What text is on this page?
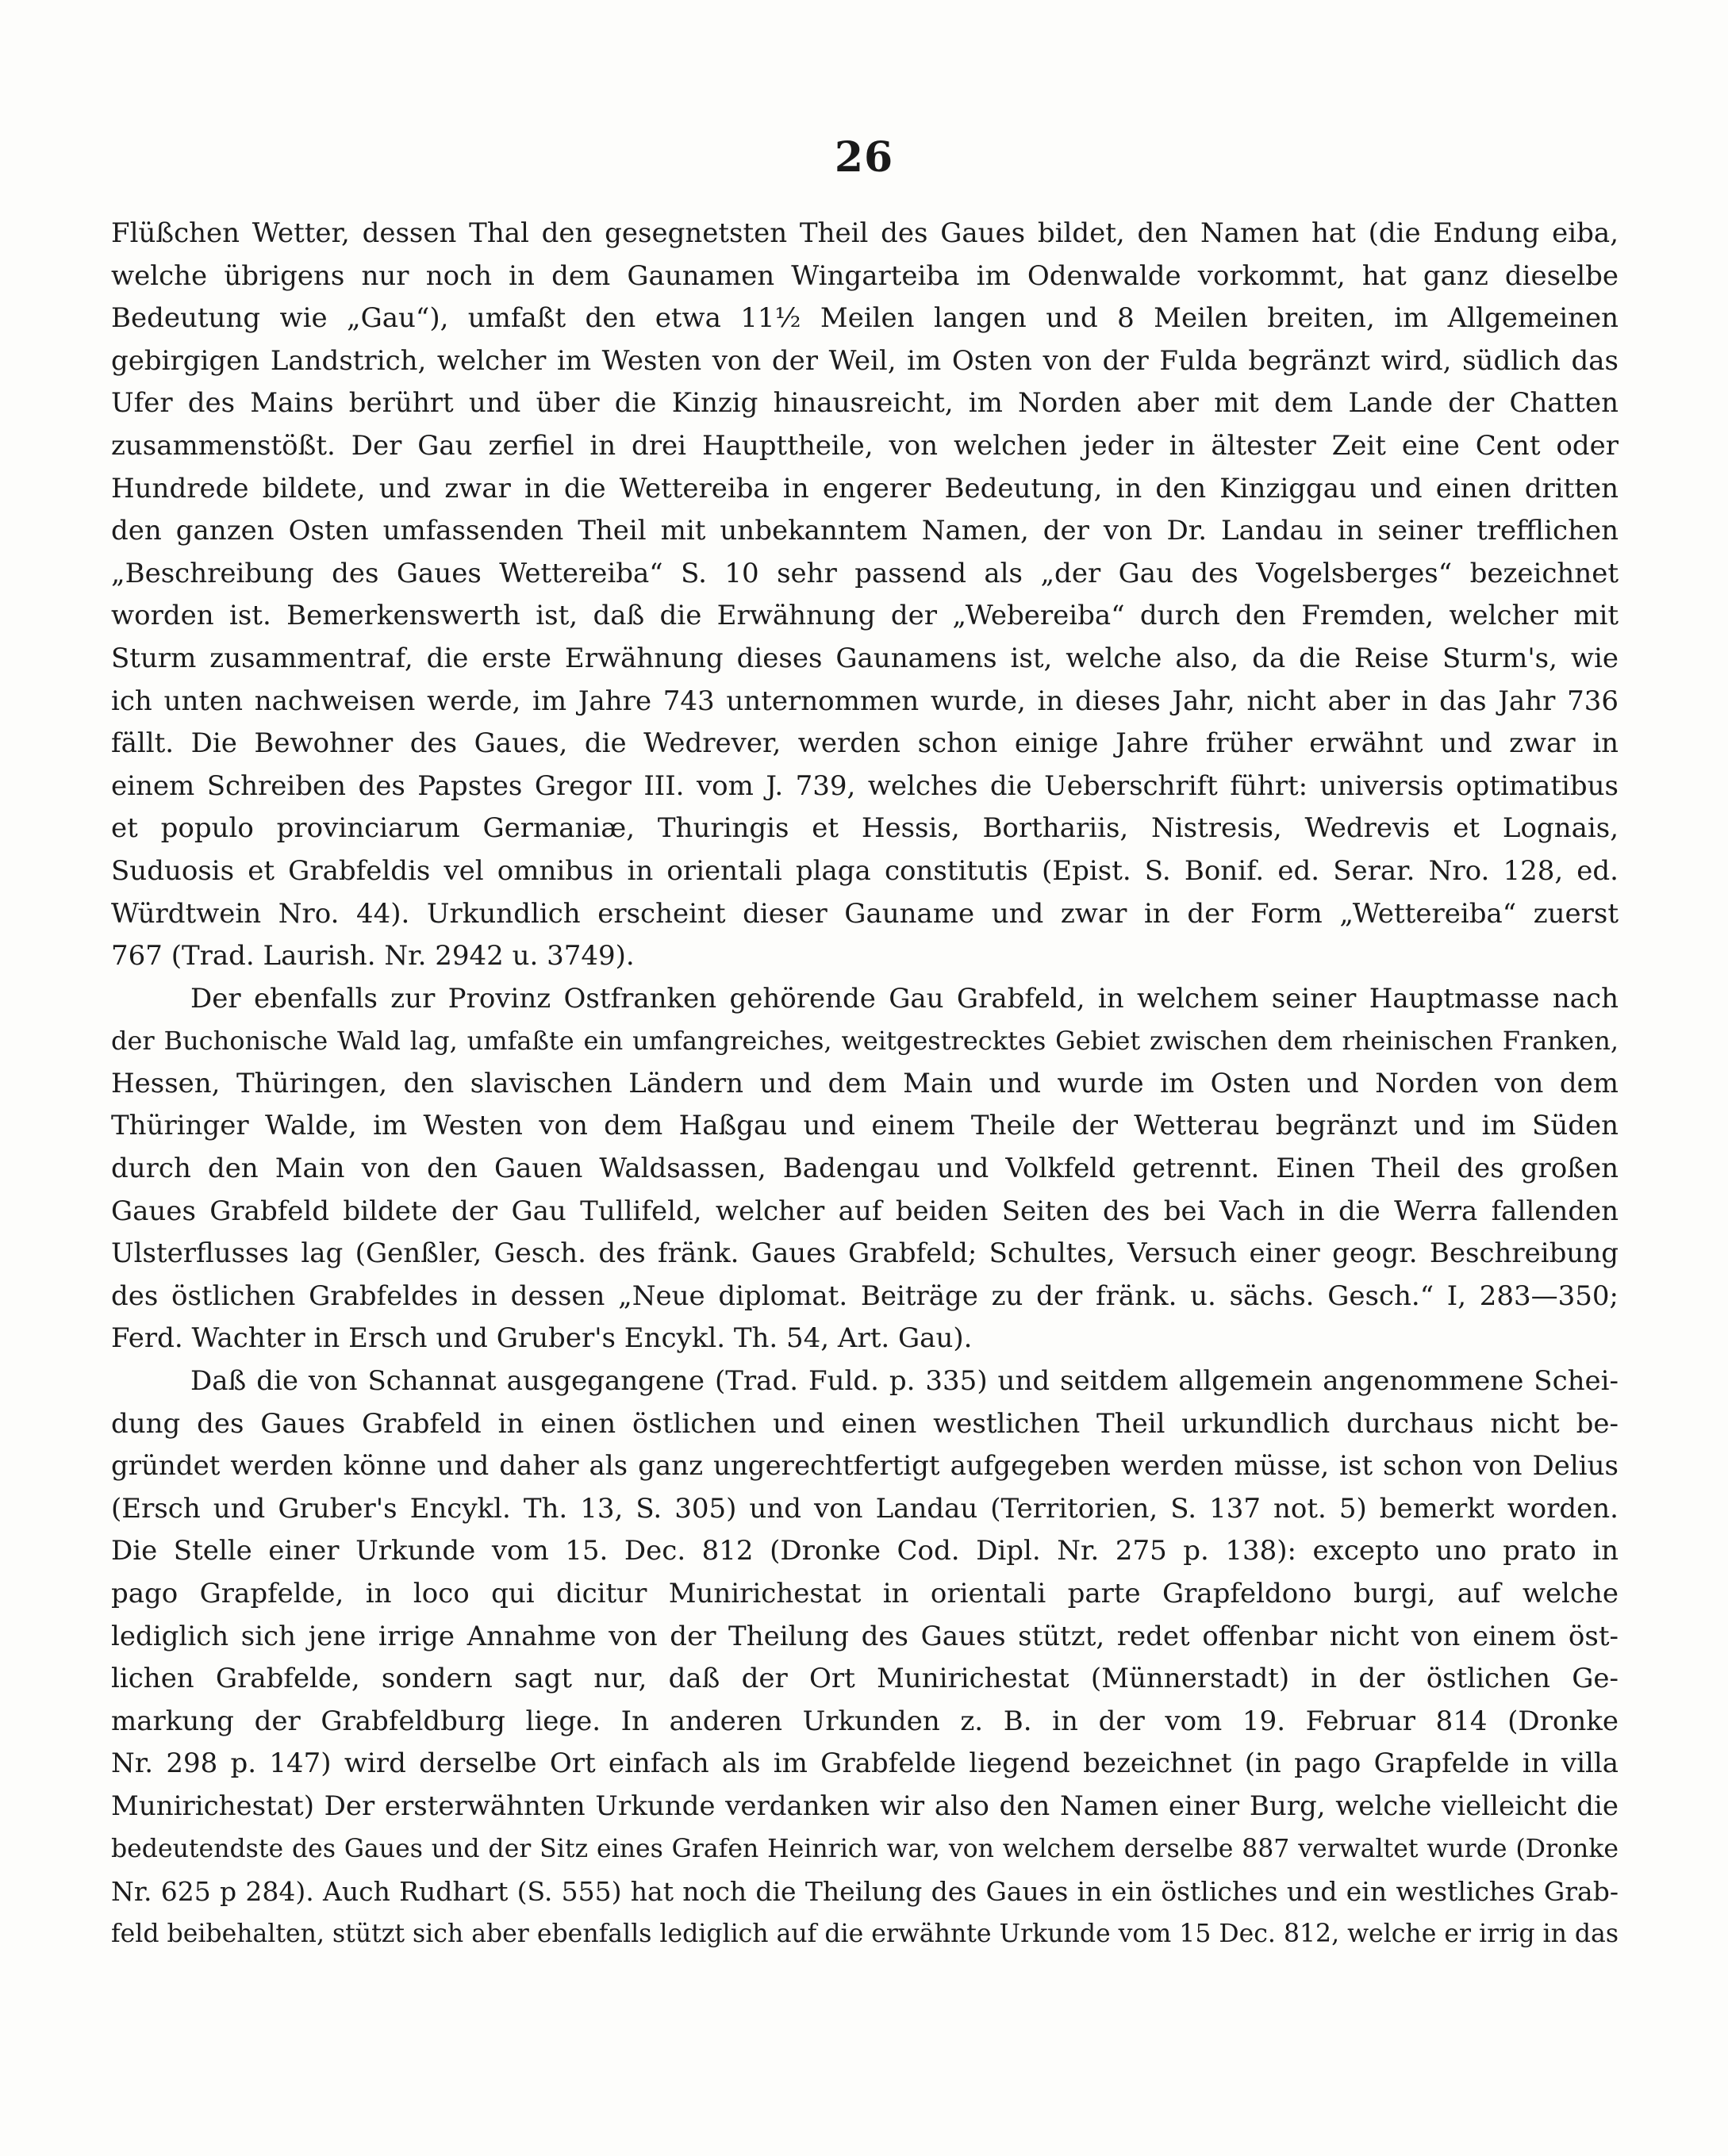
26
Flüßchen Wetter, dessen Thal den gesegnetsten Theil des Gaues bildet, den Namen hat (die Endung eiba,
welche übrigens nur noch in dem Gaunamen Wingarteiba im Odenwalde vorkommt, hat ganz dieselbe
Bedeutung wie „Gau“), umfaßt den etwa 11½ Meilen langen und 8 Meilen breiten, im Allgemeinen
gebirgigen Landstrich, welcher im Westen von der Weil, im Osten von der Fulda begränzt wird, südlich das
Ufer des Mains berührt und über die Kinzig hinausreicht, im Norden aber mit dem Lande der Chatten
zusammenstößt. Der Gau zerfiel in drei Haupttheile, von welchen jeder in ältester Zeit eine Cent oder
Hundrede bildete, und zwar in die Wettereiba in engerer Bedeutung, in den Kinziggau und einen dritten
den ganzen Osten umfassenden Theil mit unbekanntem Namen, der von Dr. Landau in seiner trefflichen
„Beschreibung des Gaues Wettereiba“ S. 10 sehr passend als „der Gau des Vogelsberges“ bezeichnet
worden ist. Bemerkenswerth ist, daß die Erwähnung der „Webereiba“ durch den Fremden, welcher mit
Sturm zusammentraf, die erste Erwähnung dieses Gaunamens ist, welche also, da die Reise Sturm's, wie
ich unten nachweisen werde, im Jahre 743 unternommen wurde, in dieses Jahr, nicht aber in das Jahr 736
fällt. Die Bewohner des Gaues, die Wedrever, werden schon einige Jahre früher erwähnt und zwar in
einem Schreiben des Papstes Gregor III. vom J. 739, welches die Ueberschrift führt: universis optimatibus
et populo provinciarum Germaniæ, Thuringis et Hessis, Borthariis, Nistresis, Wedrevis et Lognais,
Suduosis et Grabfeldis vel omnibus in orientali plaga constitutis (Epist. S. Bonif. ed. Serar. Nro. 128, ed.
Würdtwein Nro. 44). Urkundlich erscheint dieser Gauname und zwar in der Form „Wettereiba“ zuerst
767 (Trad. Laurish. Nr. 2942 u. 3749).
Der ebenfalls zur Provinz Ostfranken gehörende Gau Grabfeld, in welchem seiner Hauptmasse nach
der Buchonische Wald lag, umfaßte ein umfangreiches, weitgestrecktes Gebiet zwischen dem rheinischen Franken,
Hessen, Thüringen, den slavischen Ländern und dem Main und wurde im Osten und Norden von dem
Thüringer Walde, im Westen von dem Haßgau und einem Theile der Wetterau begränzt und im Süden
durch den Main von den Gauen Waldsassen, Badengau und Volkfeld getrennt. Einen Theil des großen
Gaues Grabfeld bildete der Gau Tullifeld, welcher auf beiden Seiten des bei Vach in die Werra fallenden
Ulsterflusses lag (Genßler, Gesch. des fränk. Gaues Grabfeld; Schultes, Versuch einer geogr. Beschreibung
des östlichen Grabfeldes in dessen „Neue diplomat. Beiträge zu der fränk. u. sächs. Gesch.“ I, 283—350;
Ferd. Wachter in Ersch und Gruber's Encykl. Th. 54, Art. Gau).
Daß die von Schannat ausgegangene (Trad. Fuld. p. 335) und seitdem allgemein angenommene Schei-
dung des Gaues Grabfeld in einen östlichen und einen westlichen Theil urkundlich durchaus nicht be-
gründet werden könne und daher als ganz ungerechtfertigt aufgegeben werden müsse, ist schon von Delius
(Ersch und Gruber's Encykl. Th. 13, S. 305) und von Landau (Territorien, S. 137 not. 5) bemerkt worden.
Die Stelle einer Urkunde vom 15. Dec. 812 (Dronke Cod. Dipl. Nr. 275 p. 138): excepto uno prato in
pago Grapfelde, in loco qui dicitur Munirichestat in orientali parte Grapfeldono burgi, auf welche
lediglich sich jene irrige Annahme von der Theilung des Gaues stützt, redet offenbar nicht von einem öst-
lichen Grabfelde, sondern sagt nur, daß der Ort Munirichestat (Münnerstadt) in der östlichen Ge-
markung der Grabfeldburg liege. In anderen Urkunden z. B. in der vom 19. Februar 814 (Dronke
Nr. 298 p. 147) wird derselbe Ort einfach als im Grabfelde liegend bezeichnet (in pago Grapfelde in villa
Munirichestat) Der ersterwähnten Urkunde verdanken wir also den Namen einer Burg, welche vielleicht die
bedeutendste des Gaues und der Sitz eines Grafen Heinrich war, von welchem derselbe 887 verwaltet wurde (Dronke
Nr. 625 p 284). Auch Rudhart (S. 555) hat noch die Theilung des Gaues in ein östliches und ein westliches Grab-
feld beibehalten, stützt sich aber ebenfalls lediglich auf die erwähnte Urkunde vom 15 Dec. 812, welche er irrig in das
